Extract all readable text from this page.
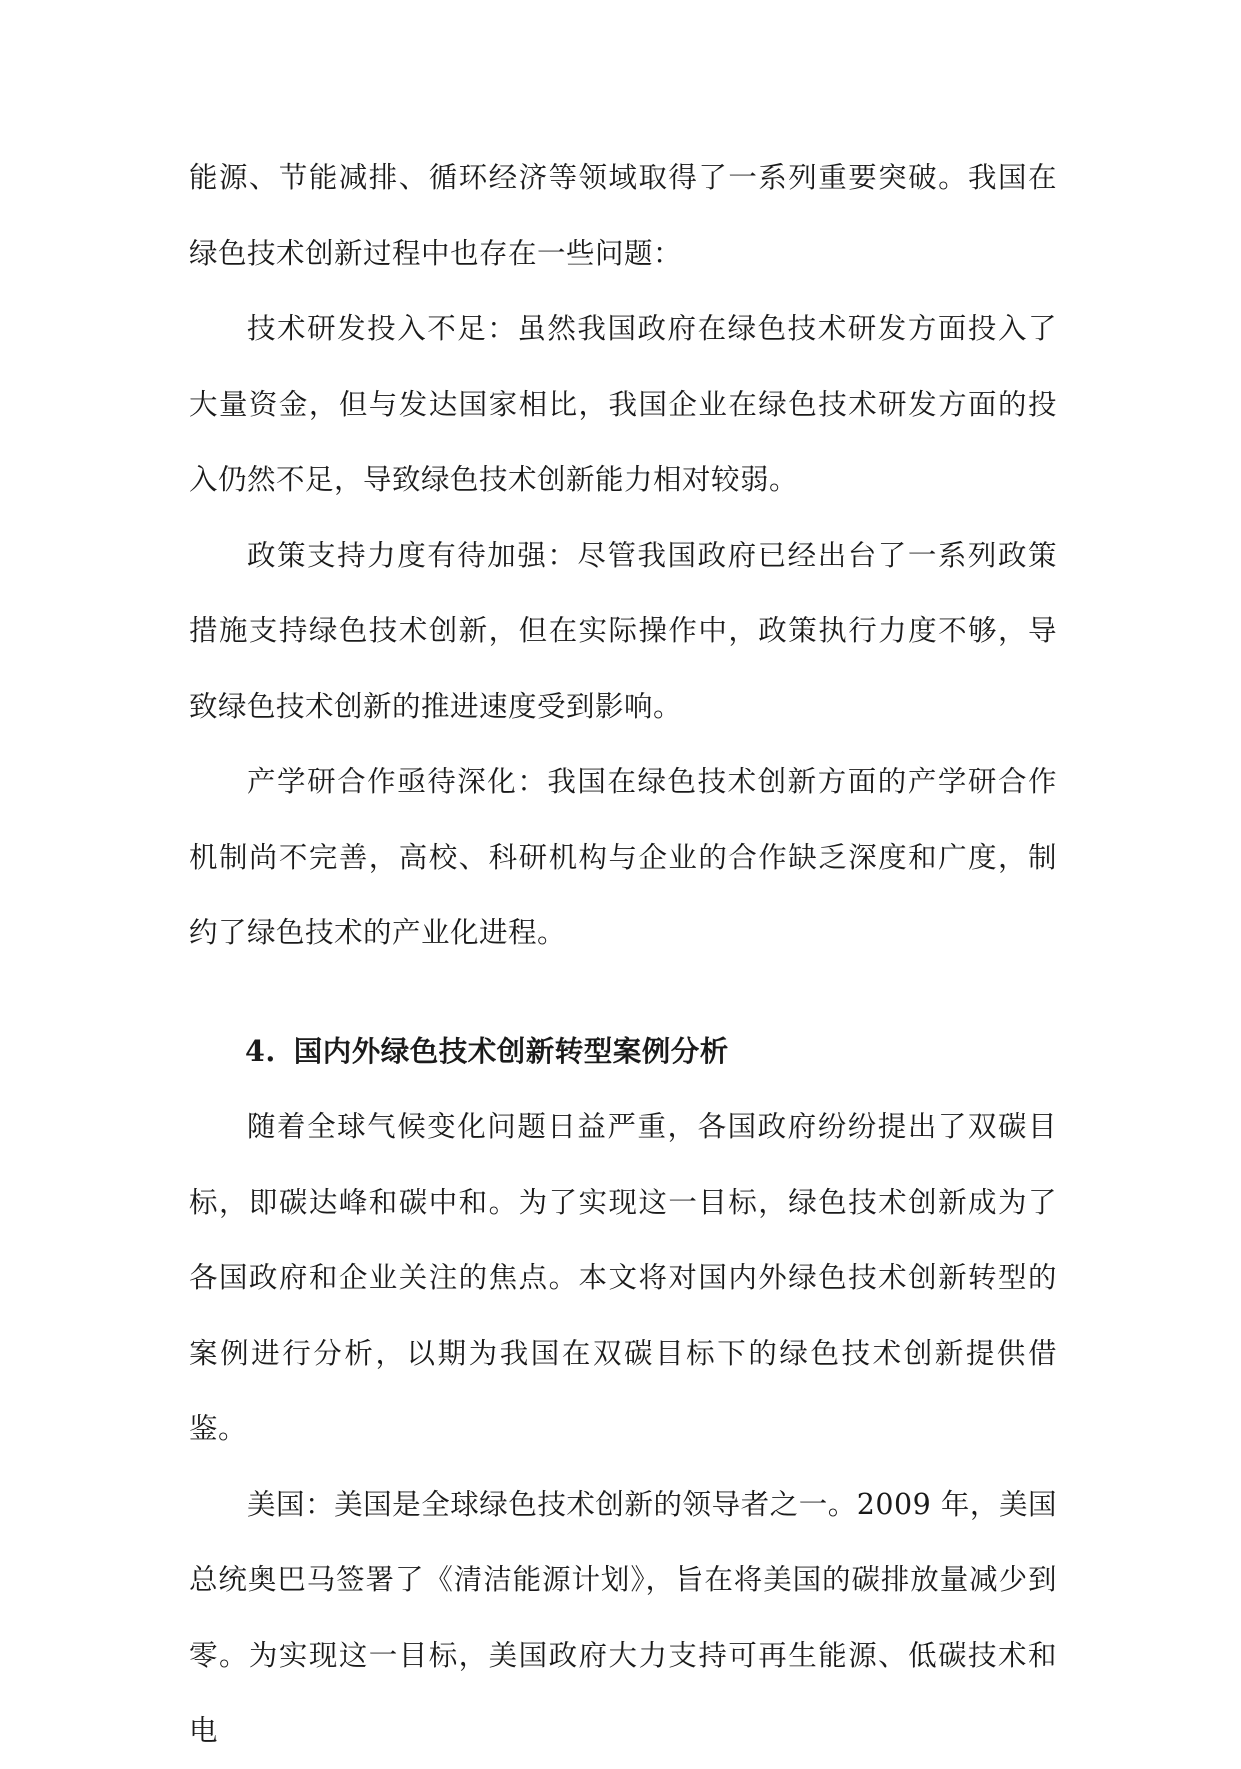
能源、节能减排、循环经济等领域取得了一系列重要突破。我国在绿色技术创新过程中也存在一些问题：

技术研发投入不足：虽然我国政府在绿色技术研发方面投入了大量资金，但与发达国家相比，我国企业在绿色技术研发方面的投入仍然不足，导致绿色技术创新能力相对较弱。

政策支持力度有待加强：尽管我国政府已经出台了一系列政策措施支持绿色技术创新，但在实际操作中，政策执行力度不够，导致绿色技术创新的推进速度受到影响。

产学研合作亟待深化：我国在绿色技术创新方面的产学研合作机制尚不完善，高校、科研机构与企业的合作缺乏深度和广度，制约了绿色技术的产业化进程。

4. 国内外绿色技术创新转型案例分析

随着全球气候变化问题日益严重，各国政府纷纷提出了双碳目标，即碳达峰和碳中和。为了实现这一目标，绿色技术创新成为了各国政府和企业关注的焦点。本文将对国内外绿色技术创新转型的案例进行分析，以期为我国在双碳目标下的绿色技术创新提供借鉴。

美国：美国是全球绿色技术创新的领导者之一。2009 年，美国总统奥巴马签署了《清洁能源计划》，旨在将美国的碳排放量减少到零。为实现这一目标，美国政府大力支持可再生能源、低碳技术和电
